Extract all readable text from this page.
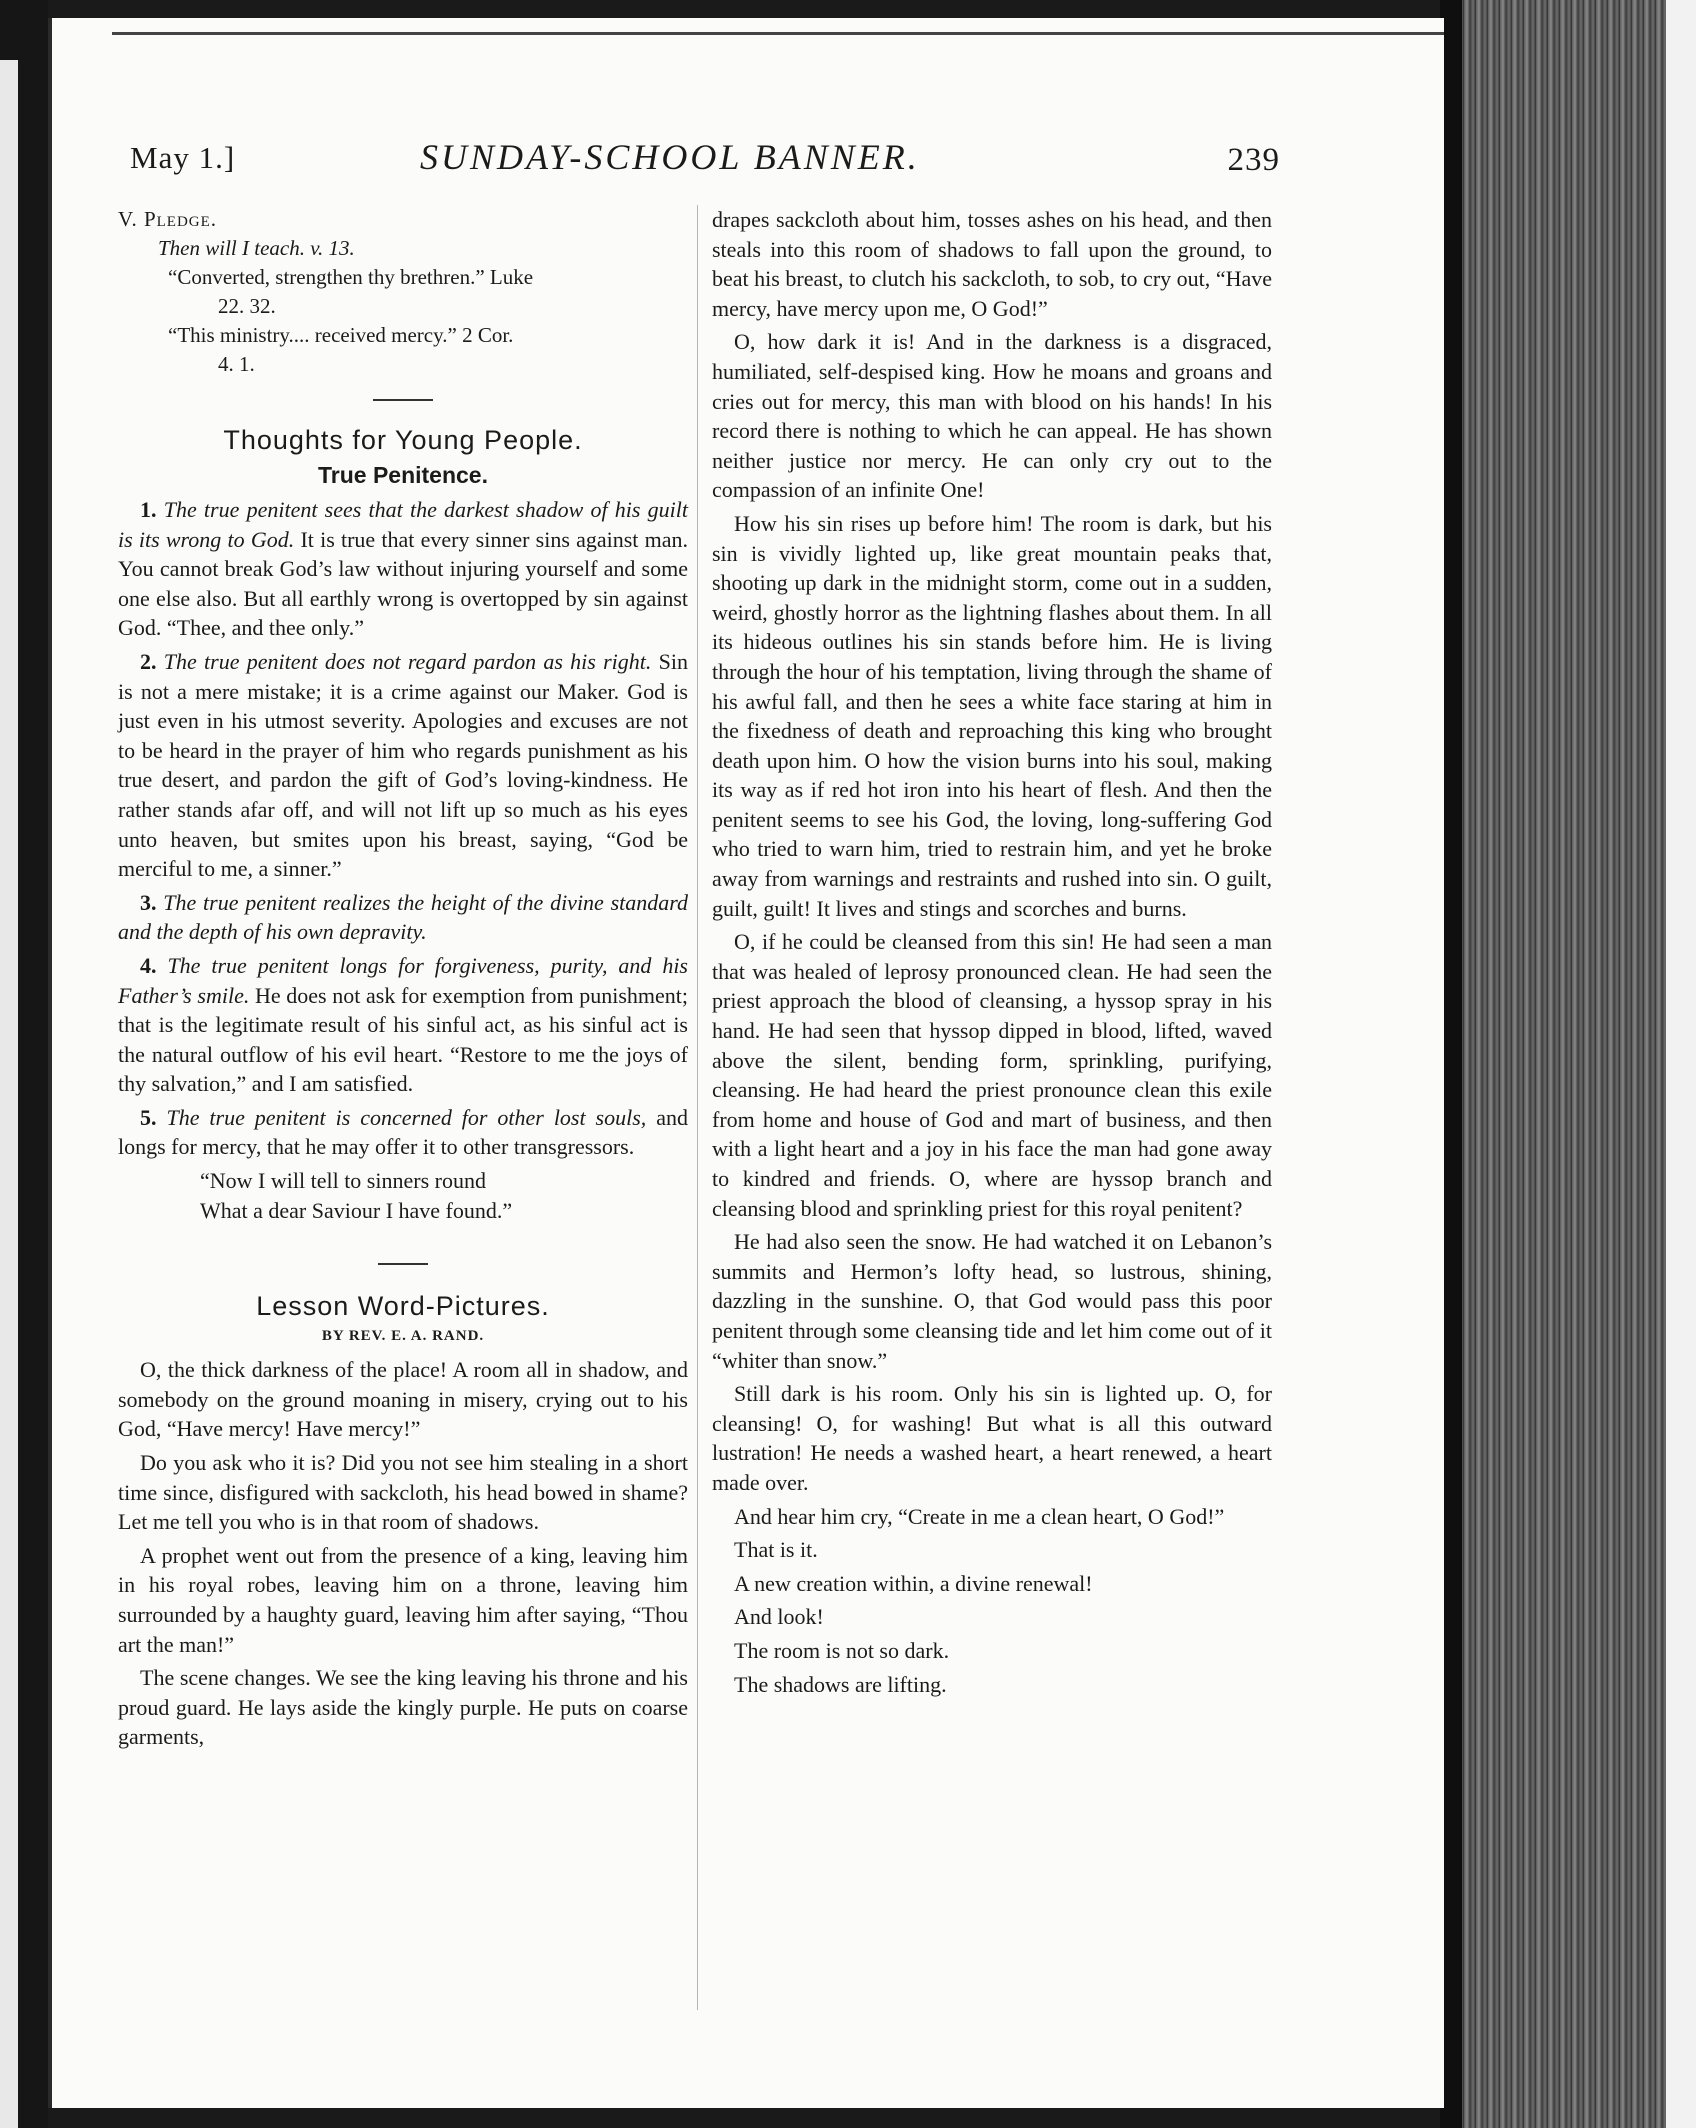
May 1.]	SUNDAY-SCHOOL BANNER.	239
V. Pledge.
Then will I teach. v. 13.
“Converted, strengthen thy brethren.” Luke
22. 32.
“This ministry.... received mercy.” 2 Cor.
4. 1.
Thoughts for Young People.
True Penitence.

1. The true penitent sees that the darkest shadow of his guilt is its wrong to God. It is true that every sinner sins against man. You cannot break God’s law without injuring yourself and some one else also. But all earthly wrong is overtopped by sin against God. “Thee, and thee only.”

2. The true penitent does not regard pardon as his right. Sin is not a mere mistake; it is a crime against our Maker. God is just even in his utmost severity. Apologies and excuses are not to be heard in the prayer of him who regards punishment as his true desert, and pardon the gift of God’s loving-kindness. He rather stands afar off, and will not lift up so much as his eyes unto heaven, but smites upon his breast, saying, “God be merciful to me, a sinner.”

3. The true penitent realizes the height of the divine standard and the depth of his own depravity.

4. The true penitent longs for forgiveness, purity, and his Father’s smile. He does not ask for exemption from punishment; that is the legitimate result of his sinful act, as his sinful act is the natural outflow of his evil heart. “Restore to me the joys of thy salvation,” and I am satisfied.

5. The true penitent is concerned for other lost souls, and longs for mercy, that he may offer it to other transgressors.

“Now I will tell to sinners round
What a dear Saviour I have found.”
Lesson Word-Pictures.
BY REV. E. A. RAND.

O, the thick darkness of the place! A room all in shadow, and somebody on the ground moaning in misery, crying out to his God, “Have mercy! Have mercy!”

Do you ask who it is? Did you not see him stealing in a short time since, disfigured with sackcloth, his head bowed in shame? Let me tell you who is in that room of shadows.

A prophet went out from the presence of a king, leaving him in his royal robes, leaving him on a throne, leaving him surrounded by a haughty guard, leaving him after saying, “Thou art the man!”

The scene changes. We see the king leaving his throne and his proud guard. He lays aside the kingly purple. He puts on coarse garments,

drapes sackcloth about him, tosses ashes on his head, and then steals into this room of shadows to fall upon the ground, to beat his breast, to clutch his sackcloth, to sob, to cry out, “Have mercy, have mercy upon me, O God!”

O, how dark it is! And in the darkness is a disgraced, humiliated, self-despised king. How he moans and groans and cries out for mercy, this man with blood on his hands! In his record there is nothing to which he can appeal. He has shown neither justice nor mercy. He can only cry out to the compassion of an infinite One!

How his sin rises up before him! The room is dark, but his sin is vividly lighted up, like great mountain peaks that, shooting up dark in the midnight storm, come out in a sudden, weird, ghostly horror as the lightning flashes about them. In all its hideous outlines his sin stands before him. He is living through the hour of his temptation, living through the shame of his awful fall, and then he sees a white face staring at him in the fixedness of death and reproaching this king who brought death upon him. O how the vision burns into his soul, making its way as if red hot iron into his heart of flesh. And then the penitent seems to see his God, the loving, long-suffering God who tried to warn him, tried to restrain him, and yet he broke away from warnings and restraints and rushed into sin. O guilt, guilt, guilt! It lives and stings and scorches and burns.

O, if he could be cleansed from this sin! He had seen a man that was healed of leprosy pronounced clean. He had seen the priest approach the blood of cleansing, a hyssop spray in his hand. He had seen that hyssop dipped in blood, lifted, waved above the silent, bending form, sprinkling, purifying, cleansing. He had heard the priest pronounce clean this exile from home and house of God and mart of business, and then with a light heart and a joy in his face the man had gone away to kindred and friends. O, where are hyssop branch and cleansing blood and sprinkling priest for this royal penitent?

He had also seen the snow. He had watched it on Lebanon’s summits and Hermon’s lofty head, so lustrous, shining, dazzling in the sunshine. O, that God would pass this poor penitent through some cleansing tide and let him come out of it “whiter than snow.”

Still dark is his room. Only his sin is lighted up. O, for cleansing! O, for washing! But what is all this outward lustration! He needs a washed heart, a heart renewed, a heart made over.

And hear him cry, “Create in me a clean heart, O God!”

That is it.

A new creation within, a divine renewal!

And look!

The room is not so dark.

The shadows are lifting.
